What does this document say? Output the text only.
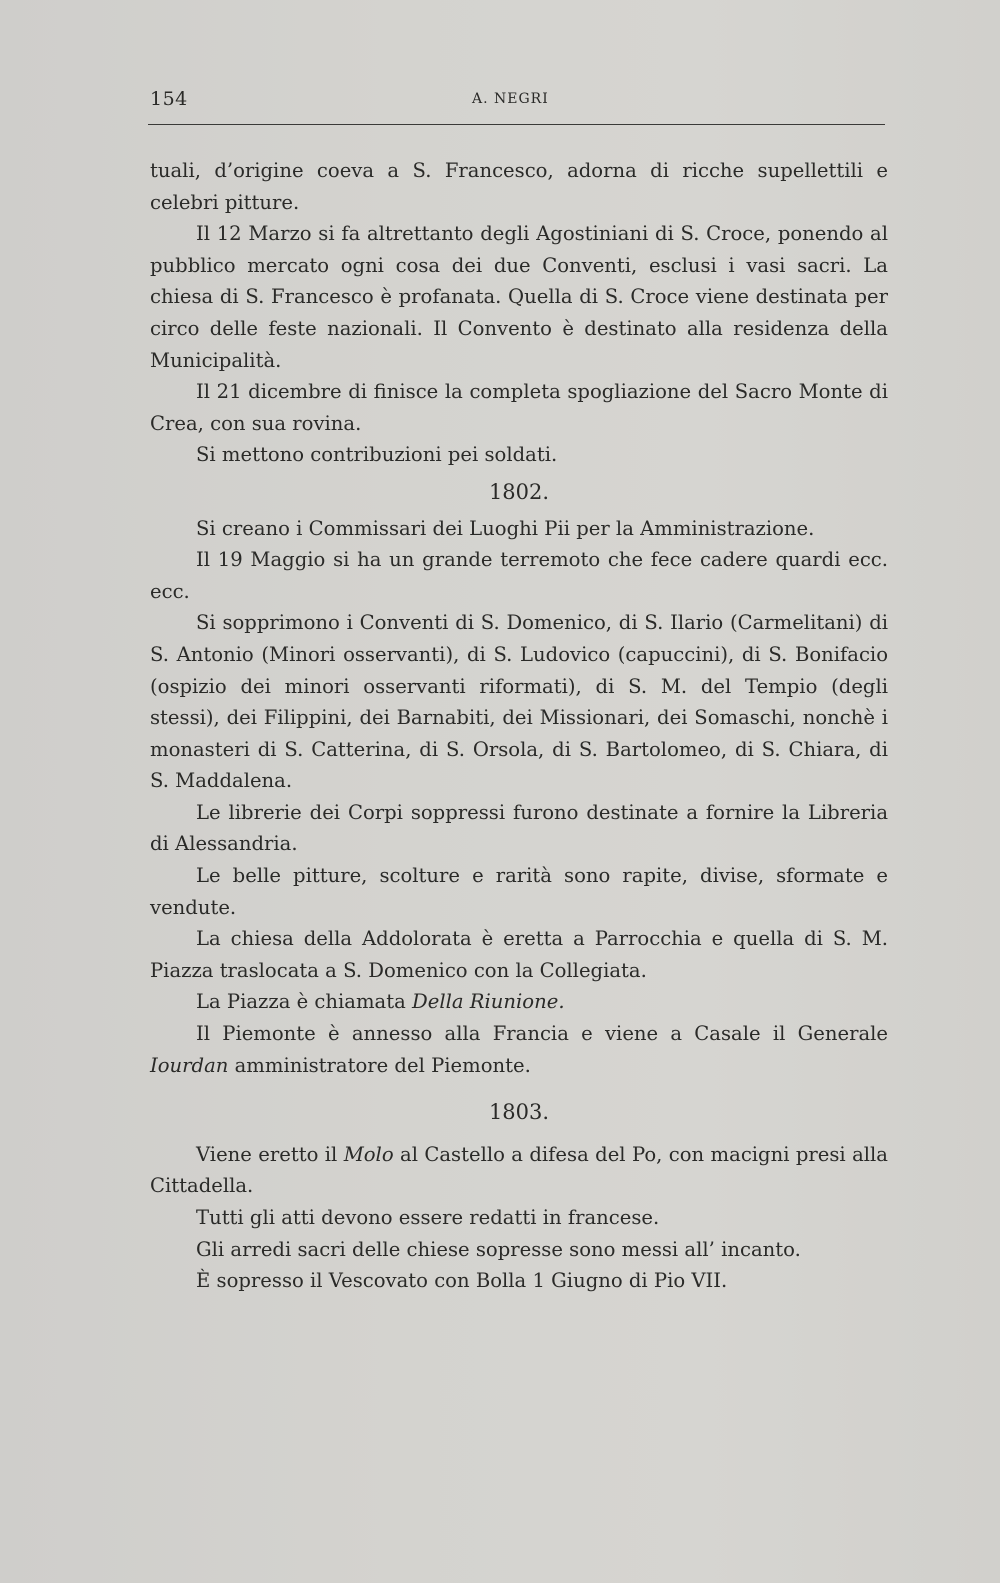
154	A. NEGRI

tuali, d’origine coeva a S. Francesco, adorna di ricche supellettili e celebri pitture.

Il 12 Marzo si fa altrettanto degli Agostiniani di S. Croce, ponendo al pubblico mercato ogni cosa dei due Conventi, esclusi i vasi sacri. La chiesa di S. Francesco è profanata. Quella di S. Croce viene destinata per circo delle feste nazionali. Il Convento è destinato alla residenza della Municipalità.

Il 21 dicembre di finisce la completa spogliazione del Sacro Monte di Crea, con sua rovina.

Si mettono contribuzioni pei soldati.

1802.

Si creano i Commissari dei Luoghi Pii per la Amministrazione.

Il 19 Maggio si ha un grande terremoto che fece cadere quardi ecc. ecc.

Si sopprimono i Conventi di S. Domenico, di S. Ilario (Carmelitani) di S. Antonio (Minori osservanti), di S. Ludovico (capuccini), di S. Bonifacio (ospizio dei minori osservanti riformati), di S. M. del Tempio (degli stessi), dei Filippini, dei Barnabiti, dei Missionari, dei Somaschi, nonchè i monasteri di S. Catterina, di S. Orsola, di S. Bartolomeo, di S. Chiara, di S. Maddalena.

Le librerie dei Corpi soppressi furono destinate a fornire la Libreria di Alessandria.

Le belle pitture, scolture e rarità sono rapite, divise, sformate e vendute.

La chiesa della Addolorata è eretta a Parrocchia e quella di S. M. Piazza traslocata a S. Domenico con la Collegiata.

La Piazza è chiamata Della Riunione.

Il Piemonte è annesso alla Francia e viene a Casale il Generale Iourdan amministratore del Piemonte.

1803.

Viene eretto il Molo al Castello a difesa del Po, con macigni presi alla Cittadella.

Tutti gli atti devono essere redatti in francese.

Gli arredi sacri delle chiese sopresse sono messi all’ incanto.

È sopresso il Vescovato con Bolla 1 Giugno di Pio VII.
